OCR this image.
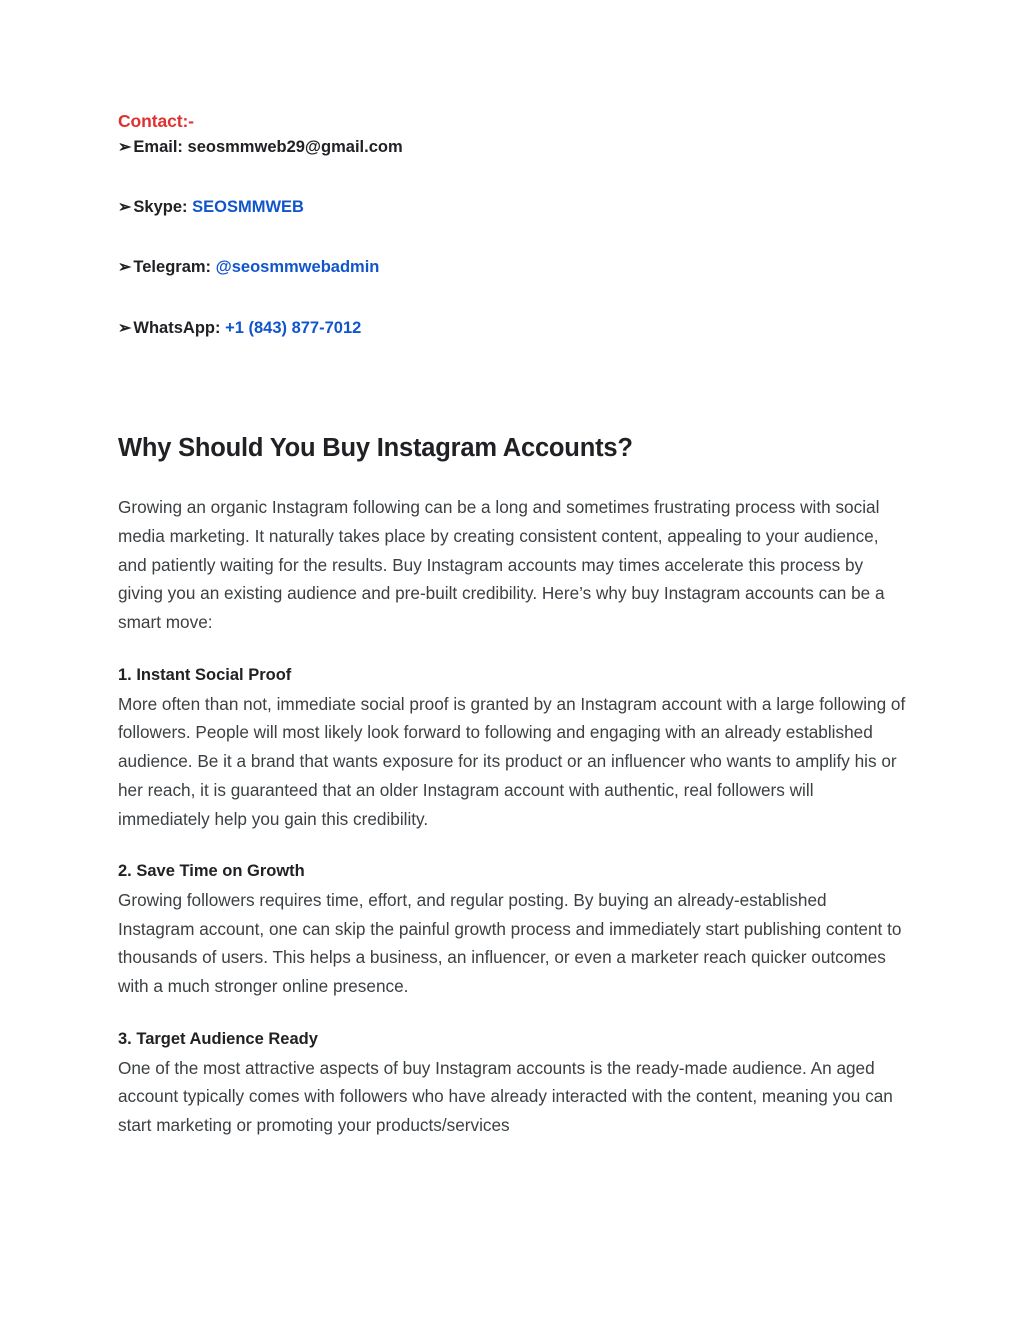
Contact:-
➢ Email: seosmmweb29@gmail.com
➢ Skype: SEOSMMWEB
➢ Telegram: @seosmmwebadmin
➢ WhatsApp: +1 (843) 877-7012
Why Should You Buy Instagram Accounts?

Growing an organic Instagram following can be a long and sometimes frustrating process with social media marketing. It naturally takes place by creating consistent content, appealing to your audience, and patiently waiting for the results. Buy Instagram accounts may times accelerate this process by giving you an existing audience and pre-built credibility. Here’s why buy Instagram accounts can be a smart move:

1. Instant Social Proof

More often than not, immediate social proof is granted by an Instagram account with a large following of followers. People will most likely look forward to following and engaging with an already established audience. Be it a brand that wants exposure for its product or an influencer who wants to amplify his or her reach, it is guaranteed that an older Instagram account with authentic, real followers will immediately help you gain this credibility.

2. Save Time on Growth

Growing followers requires time, effort, and regular posting. By buying an already-established Instagram account, one can skip the painful growth process and immediately start publishing content to thousands of users. This helps a business, an influencer, or even a marketer reach quicker outcomes with a much stronger online presence.

3. Target Audience Ready

One of the most attractive aspects of buy Instagram accounts is the ready-made audience. An aged account typically comes with followers who have already interacted with the content, meaning you can start marketing or promoting your products/services
